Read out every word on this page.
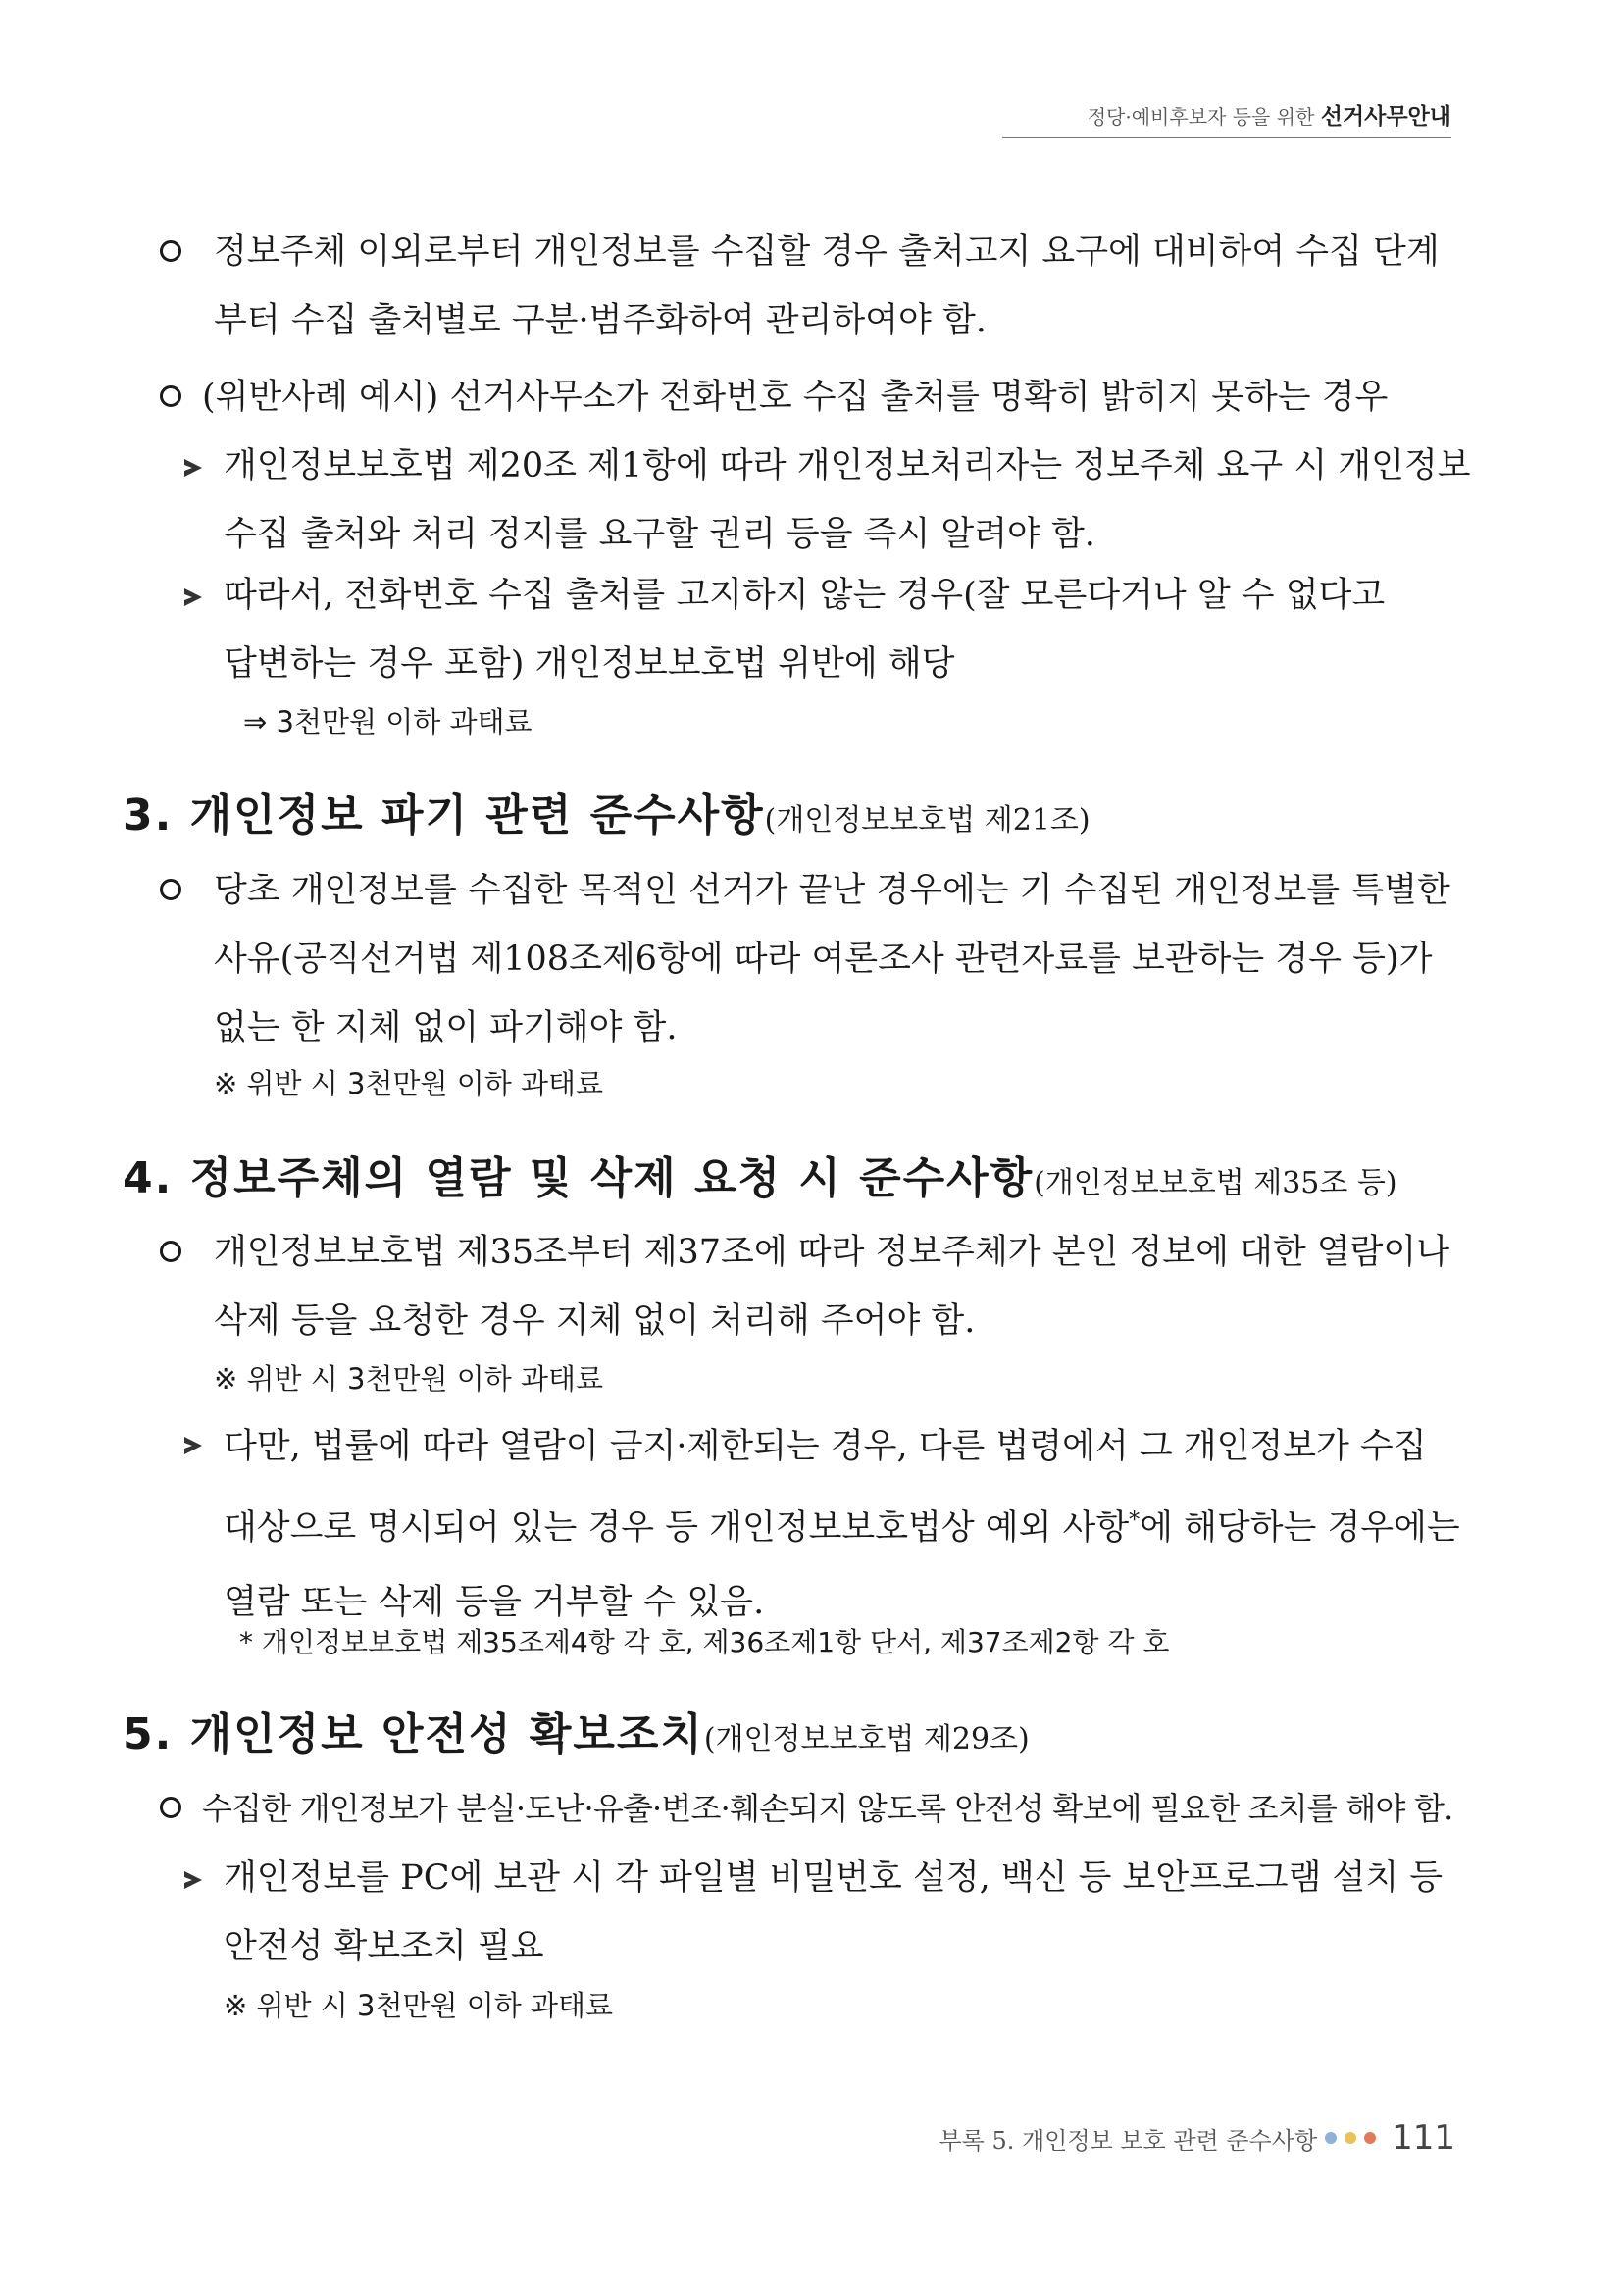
정당·예비후보자 등을 위한 선거사무안내
정보주체 이외로부터 개인정보를 수집할 경우 출처고지 요구에 대비하여 수집 단계
부터 수집 출처별로 구분·범주화하여 관리하여야 함.
(위반사례 예시) 선거사무소가 전화번호 수집 출처를 명확히 밝히지 못하는 경우
개인정보보호법 제20조 제1항에 따라 개인정보처리자는 정보주체 요구 시 개인정보
수집 출처와 처리 정지를 요구할 권리 등을 즉시 알려야 함.
따라서, 전화번호 수집 출처를 고지하지 않는 경우(잘 모른다거나 알 수 없다고
답변하는 경우 포함) 개인정보보호법 위반에 해당
⇒ 3천만원 이하 과태료
3. 개인정보 파기 관련 준수사항(개인정보보호법 제21조)
당초 개인정보를 수집한 목적인 선거가 끝난 경우에는 기 수집된 개인정보를 특별한
사유(공직선거법 제108조제6항에 따라 여론조사 관련자료를 보관하는 경우 등)가
없는 한 지체 없이 파기해야 함.
※ 위반 시 3천만원 이하 과태료
4. 정보주체의 열람 및 삭제 요청 시 준수사항(개인정보보호법 제35조 등)
개인정보보호법 제35조부터 제37조에 따라 정보주체가 본인 정보에 대한 열람이나
삭제 등을 요청한 경우 지체 없이 처리해 주어야 함.
※ 위반 시 3천만원 이하 과태료
다만, 법률에 따라 열람이 금지·제한되는 경우, 다른 법령에서 그 개인정보가 수집
대상으로 명시되어 있는 경우 등 개인정보보호법상 예외 사항*에 해당하는 경우에는
열람 또는 삭제 등을 거부할 수 있음.
* 개인정보보호법 제35조제4항 각 호, 제36조제1항 단서, 제37조제2항 각 호
5. 개인정보 안전성 확보조치(개인정보보호법 제29조)
수집한 개인정보가 분실·도난·유출·변조·훼손되지 않도록 안전성 확보에 필요한 조치를 해야 함.
개인정보를 PC에 보관 시 각 파일별 비밀번호 설정, 백신 등 보안프로그램 설치 등
안전성 확보조치 필요
※ 위반 시 3천만원 이하 과태료
부록 5. 개인정보 보호 관련 준수사항 111
